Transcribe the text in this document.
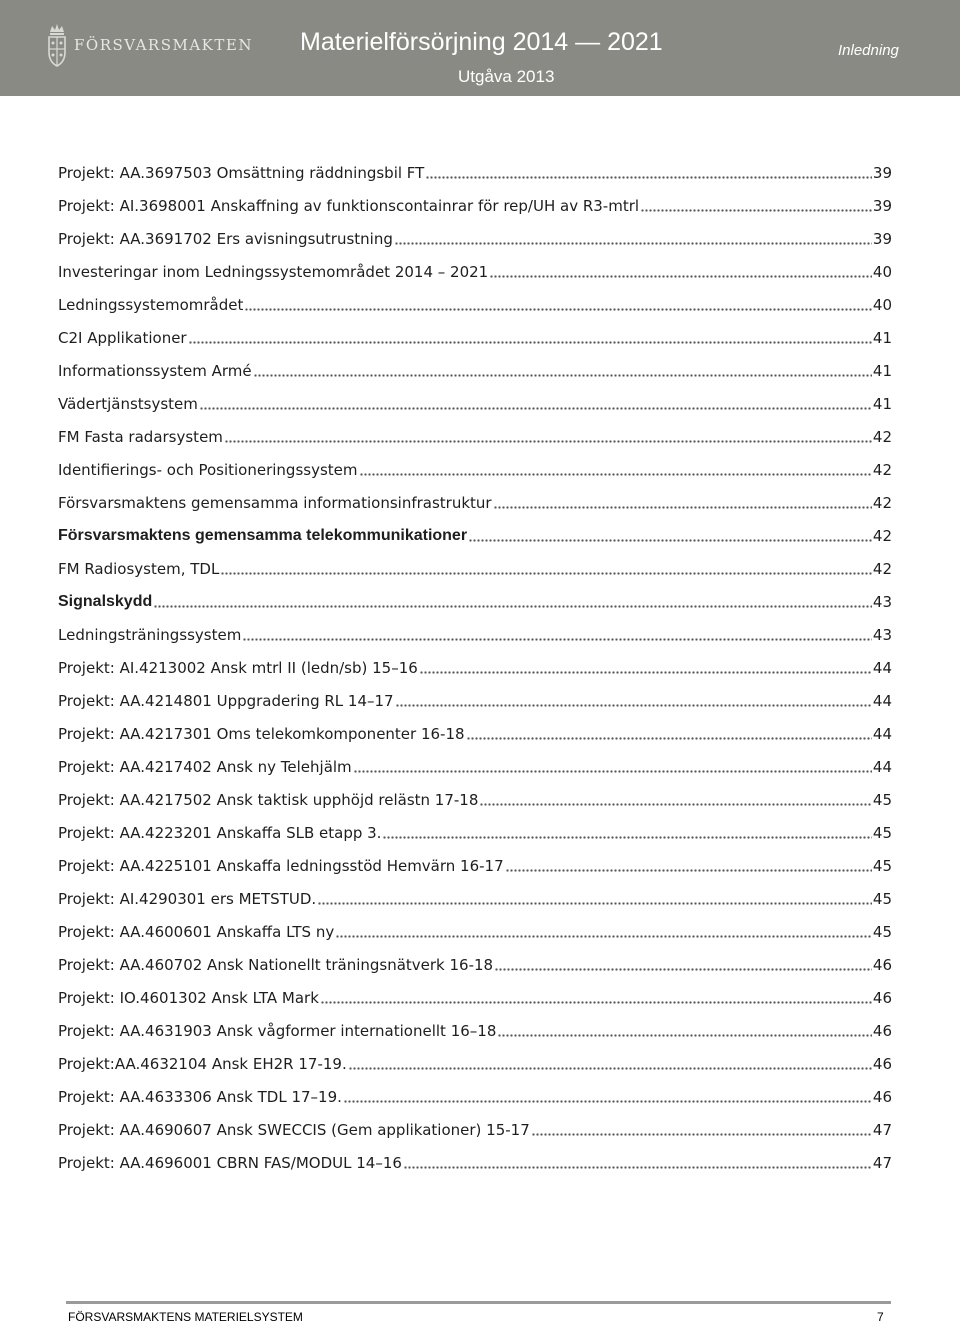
FÖRSVARSMAKTEN Materielförsörjning 2014 ― 2021
Utgåva 2013
Inledning
Projekt: AA.3697503 Omsättning räddningsbil FT	39
Projekt: AI.3698001 Anskaffning av funktionscontainrar för rep/UH av R3-mtrl	39
Projekt: AA.3691702 Ers avisningsutrustning	39
Investeringar inom Ledningssystemområdet 2014 – 2021	40
Ledningssystemområdet	40
C2I Applikationer	41
Informationssystem Armé	41
Vädertjänstsystem	41
FM Fasta radarsystem	42
Identifierings- och Positioneringssystem	42
Försvarsmaktens gemensamma informationsinfrastruktur	42
Försvarsmaktens gemensamma telekommunikationer	42
FM Radiosystem, TDL	42
Signalskydd	43
Ledningsträningssystem	43
Projekt: AI.4213002 Ansk mtrl II (ledn/sb) 15–16	44
Projekt: AA.4214801 Uppgradering RL 14–17	44
Projekt: AA.4217301 Oms telekomkomponenter 16-18	44
Projekt: AA.4217402 Ansk ny Telehjälm	44
Projekt: AA.4217502 Ansk taktisk upphöjd relästn 17-18	45
Projekt: AA.4223201 Anskaffa SLB etapp 3.	45
Projekt: AA.4225101 Anskaffa ledningsstöd Hemvärn 16-17	45
Projekt: AI.4290301 ers METSTUD.	45
Projekt: AA.4600601 Anskaffa LTS ny	45
Projekt: AA.460702 Ansk Nationellt träningsnätverk 16-18	46
Projekt: IO.4601302 Ansk LTA Mark	46
Projekt: AA.4631903 Ansk vågformer internationellt 16–18	46
Projekt:AA.4632104 Ansk EH2R 17-19.	46
Projekt: AA.4633306 Ansk TDL 17–19.	46
Projekt: AA.4690607 Ansk SWECCIS (Gem applikationer) 15-17	47
Projekt: AA.4696001 CBRN FAS/MODUL 14–16	47
FÖRSVARSMAKTENS MATERIELSYSTEM	7
